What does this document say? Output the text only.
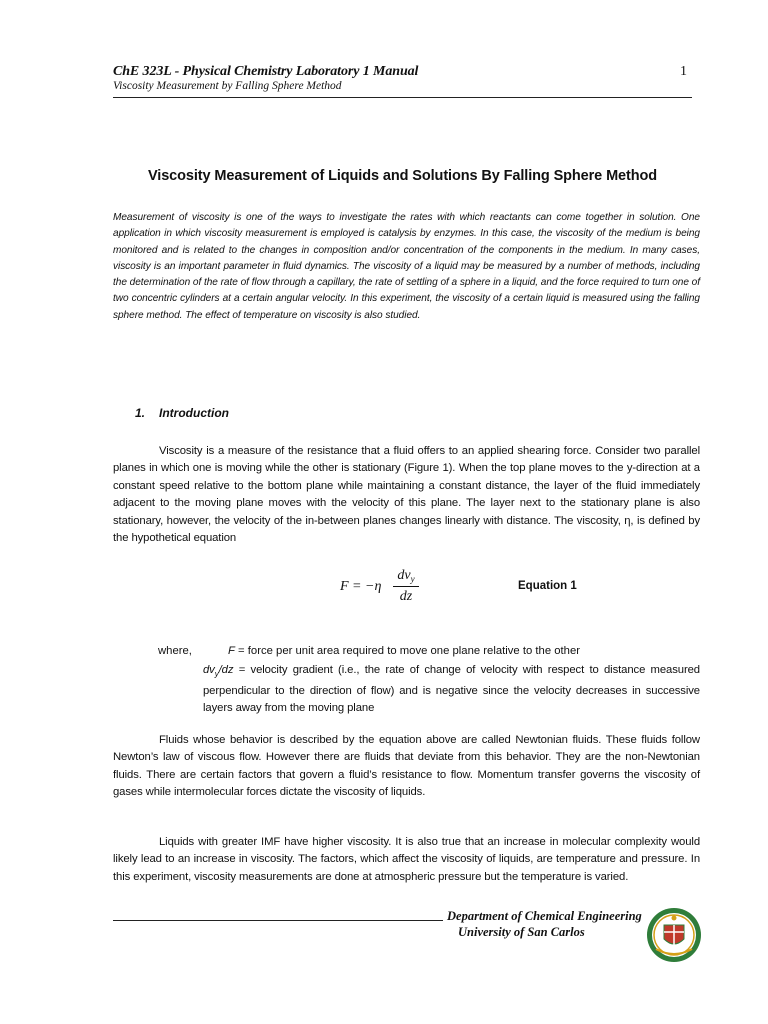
ChE 323L - Physical Chemistry Laboratory 1 Manual	1
Viscosity Measurement by Falling Sphere Method
Viscosity Measurement of Liquids and Solutions By Falling Sphere Method
Measurement of viscosity is one of the ways to investigate the rates with which reactants can come together in solution. One application in which viscosity measurement is employed is catalysis by enzymes. In this case, the viscosity of the medium is being monitored and is related to the changes in composition and/or concentration of the components in the medium. In many cases, viscosity is an important parameter in fluid dynamics. The viscosity of a liquid may be measured by a number of methods, including the determination of the rate of flow through a capillary, the rate of settling of a sphere in a liquid, and the force required to turn one of two concentric cylinders at a certain angular velocity. In this experiment, the viscosity of a certain liquid is measured using the falling sphere method. The effect of temperature on viscosity is also studied.
1. Introduction
Viscosity is a measure of the resistance that a fluid offers to an applied shearing force. Consider two parallel planes in which one is moving while the other is stationary (Figure 1). When the top plane moves to the y-direction at a constant speed relative to the bottom plane while maintaining a constant distance, the layer of the fluid immediately adjacent to the moving plane moves with the velocity of this plane. The layer next to the stationary plane is also stationary, however, the velocity of the in-between planes changes linearly with distance. The viscosity, η, is defined by the hypothetical equation
F = −η
$dv_y$
dz
Equation 1
where,	F = force per unit area required to move one plane relative to the other
$dv_y/dz$ = velocity gradient (i.e., the rate of change of velocity with respect to distance measured perpendicular to the direction of flow) and is negative since the velocity decreases in successive layers away from the moving plane
Fluids whose behavior is described by the equation above are called Newtonian fluids. These fluids follow Newton’s law of viscous flow. However there are fluids that deviate from this behavior. They are the non-Newtonian fluids. There are certain factors that govern a fluid’s resistance to flow. Momentum transfer governs the viscosity of gases while intermolecular forces dictate the viscosity of liquids.
Liquids with greater IMF have higher viscosity. It is also true that an increase in molecular complexity would likely lead to an increase in viscosity. The factors, which affect the viscosity of liquids, are temperature and pressure. In this experiment, viscosity measurements are done at atmospheric pressure but the temperature is varied.
Department of Chemical Engineering
University of San Carlos
